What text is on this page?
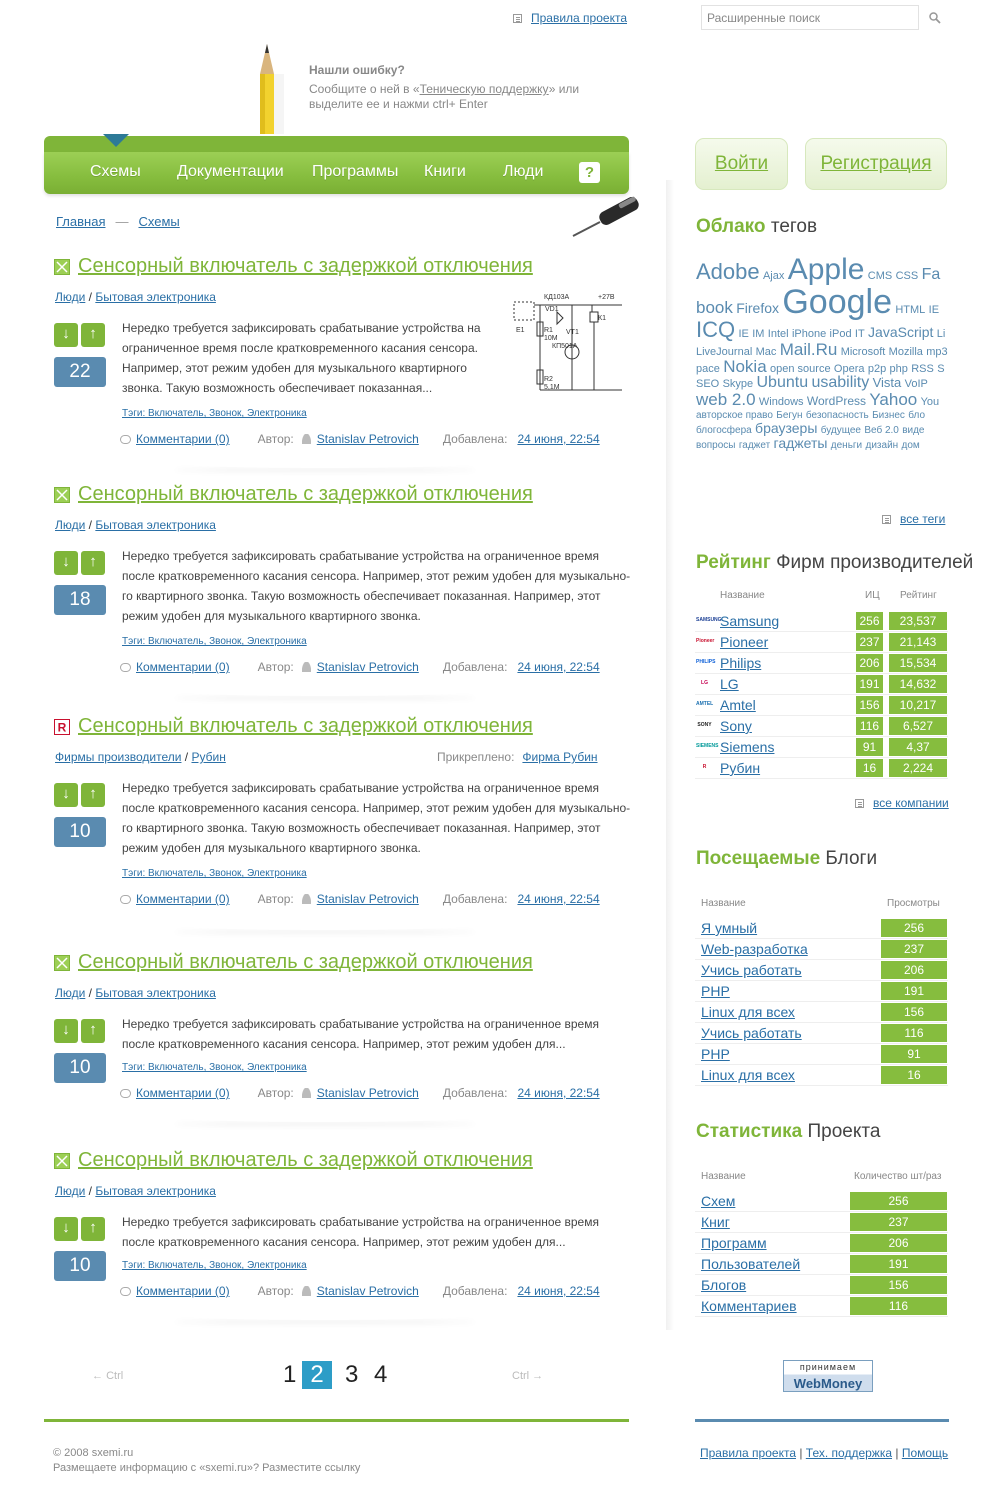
Правила проекта	Расширенные поиск
Нашли ошибку?
Сообщите о ней в «Теническую поддержку» или выделите ее и нажми ctrl+ Enter
Схемы Документации Программы Книги Люди	?
Главная — Схемы
Сенсорный включатель с задержкой отключения
Люди / Бытовая электроника
↓	↑
22
Нередко требуется зафиксировать срабатывание устройства на ограниченное время после кратковременного касания сенсора. Например, этот режим удобен для музыкального квартирного звонка. Такую возможность обеспечивает показанная...
Тэги: Включатель, Звонок, Электроника
Комментарии (0) Автор: Stanislav Petrovich Добавлена: 24 июня, 22:54
КД103А	+27В
VD1
К1
Е1	R1
10М
VT1
КП501А
R2
5,1М
Сенсорный включатель с задержкой отключения
Люди / Бытовая электроника
↓	↑
18
Нередко требуется зафиксировать срабатывание устройства на ограниченное время после кратковременного касания сенсора. Например, этот режим удобен для музыкально-го квартирного звонка. Такую возможность обеспечивает показанная. Например, этот режим удобен для музыкального квартирного звонка.
Тэги: Включатель, Звонок, Электроника
Комментарии (0) Автор: Stanislav Petrovich Добавлена: 24 июня, 22:54
R Сенсорный включатель с задержкой отключения
Фирмы производители / Рубин	Прикреплено: Фирма Рубин
↓	↑
10
Нередко требуется зафиксировать срабатывание устройства на ограниченное время после кратковременного касания сенсора. Например, этот режим удобен для музыкально-го квартирного звонка. Такую возможность обеспечивает показанная. Например, этот режим удобен для музыкального квартирного звонка.
Тэги: Включатель, Звонок, Электроника
Комментарии (0) Автор: Stanislav Petrovich Добавлена: 24 июня, 22:54
Сенсорный включатель с задержкой отключения
Люди / Бытовая электроника
↓	↑
10
Нередко требуется зафиксировать срабатывание устройства на ограниченное время после кратковременного касания сенсора. Например, этот режим удобен для...
Тэги: Включатель, Звонок, Электроника
Комментарии (0) Автор: Stanislav Petrovich Добавлена: 24 июня, 22:54
Сенсорный включатель с задержкой отключения
Люди / Бытовая электроника
↓	↑
10
Нередко требуется зафиксировать срабатывание устройства на ограниченное время после кратковременного касания сенсора. Например, этот режим удобен для...
Тэги: Включатель, Звонок, Электроника
Комментарии (0) Автор: Stanislav Petrovich Добавлена: 24 июня, 22:54
← Ctrl	1 2 3 4	Ctrl →
© 2008 sxemi.ru
Размещаете информацию с «sxemi.ru»? Разместите ссылку
Правила проекта | Тех. поддержка | Помощь
Войти	Регистрация
Облако тегов
Adobe Ajax Apple CMS CSS Fa book Firefox Google HTML IE ICQ IE IM Intel iPhone iPod IT JavaScript Li LiveJournal Mac Mail.Ru Microsoft Mozilla mp3 pace Nokia open source Opera p2p php RSS S SEO Skype Ubuntu usability Vista VoIP web 2.0 Windows WordPress Yahoo You авторское право Бегун безопасность Бизнес бло блогосфера браузеры будущее Веб 2.0 виде вопросы гаджет гаджеты деньги дизайн дом
все теги
Рейтинг Фирм производителей
Название	ИЦ Рейтинг
SAMSUNG
Samsung	256	23,537
Pioneer Pioneer	237	21,143
PHILIPS Philips	206	15,534
LG LG	191	14,632
AMTEL Amtel	156	10,217
SONY Sony	116	6,527
SIEMENS Siemens	91	4,37
R Рубин	16	2,224
все компании
Посещаемые Блоги
Название	Просмотры
Я умный	256
Web-разработка	237
Учись работать	206
PHP	191
Linux для всех	156
Учись работать	116
PHP	91
Linux для всех	16
Статистика Проекта
Название	Количество шт/раз
Схем	256
Книг	237
Программ	206
Пользователей	191
Блогов	156
Комментариев	116
принимаем
WebMoney
